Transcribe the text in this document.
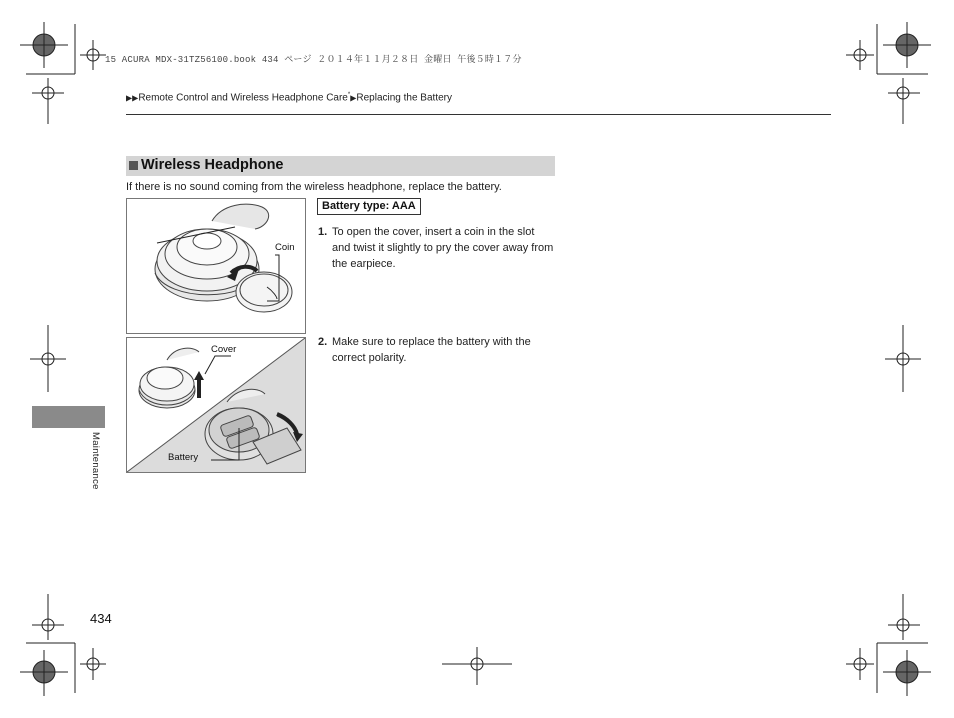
15 ACURA MDX-31TZ56100.book 434 ページ ２０１４年１１月２８日 金曜日 午後５時１７分
▶▶Remote Control and Wireless Headphone Care*▶Replacing the Battery
Wireless Headphone
If there is no sound coming from the wireless headphone, replace the battery.
Coin
Cover
Battery
Battery type: AAA
1. To open the cover, insert a coin in the slot and twist it slightly to pry the cover away from the earpiece.
2. Make sure to replace the battery with the correct polarity.
Maintenance
434
